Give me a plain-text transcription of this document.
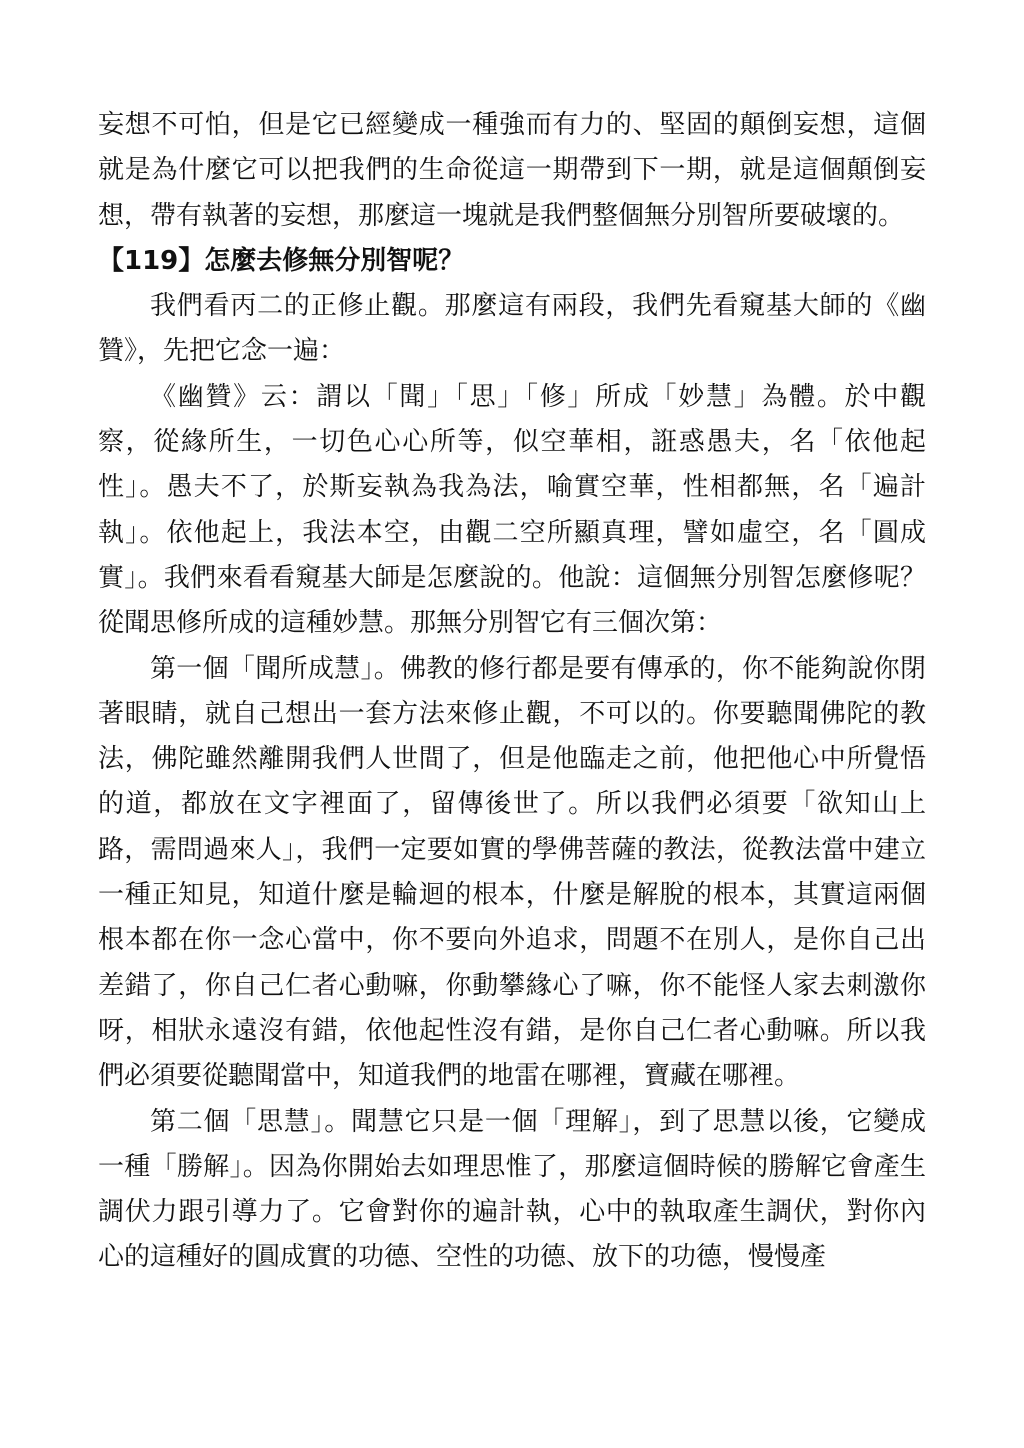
妄想不可怕，但是它已經變成一種強而有力的、堅固的顛倒妄想，這個就是為什麼它可以把我們的生命從這一期帶到下一期，就是這個顛倒妄想，帶有執著的妄想，那麼這一塊就是我們整個無分別智所要破壞的。

【119】怎麼去修無分別智呢？

我們看丙二的正修止觀。那麼這有兩段，我們先看窺基大師的《幽贊》，先把它念一遍：

《幽贊》云：謂以「聞」「思」「修」所成「妙慧」為體。於中觀察，從緣所生，一切色心心所等，似空華相，誑惑愚夫，名「依他起性」。愚夫不了，於斯妄執為我為法，喻實空華，性相都無，名「遍計執」。依他起上，我法本空，由觀二空所顯真理，譬如虛空，名「圓成實」。我們來看看窺基大師是怎麼說的。他說：這個無分別智怎麼修呢？從聞思修所成的這種妙慧。那無分別智它有三個次第：

第一個「聞所成慧」。佛教的修行都是要有傳承的，你不能夠說你閉著眼睛，就自己想出一套方法來修止觀，不可以的。你要聽聞佛陀的教法，佛陀雖然離開我們人世間了，但是他臨走之前，他把他心中所覺悟的道，都放在文字裡面了，留傳後世了。所以我們必須要「欲知山上路，需問過來人」，我們一定要如實的學佛菩薩的教法，從教法當中建立一種正知見，知道什麼是輪迴的根本，什麼是解脫的根本，其實這兩個根本都在你一念心當中，你不要向外追求，問題不在別人，是你自己出差錯了，你自己仁者心動嘛，你動攀緣心了嘛，你不能怪人家去刺激你呀，相狀永遠沒有錯，依他起性沒有錯，是你自己仁者心動嘛。所以我們必須要從聽聞當中，知道我們的地雷在哪裡，寶藏在哪裡。

第二個「思慧」。聞慧它只是一個「理解」，到了思慧以後，它變成一種「勝解」。因為你開始去如理思惟了，那麼這個時候的勝解它會產生調伏力跟引導力了。它會對你的遍計執，心中的執取產生調伏，對你內心的這種好的圓成實的功德、空性的功德、放下的功德，慢慢產
